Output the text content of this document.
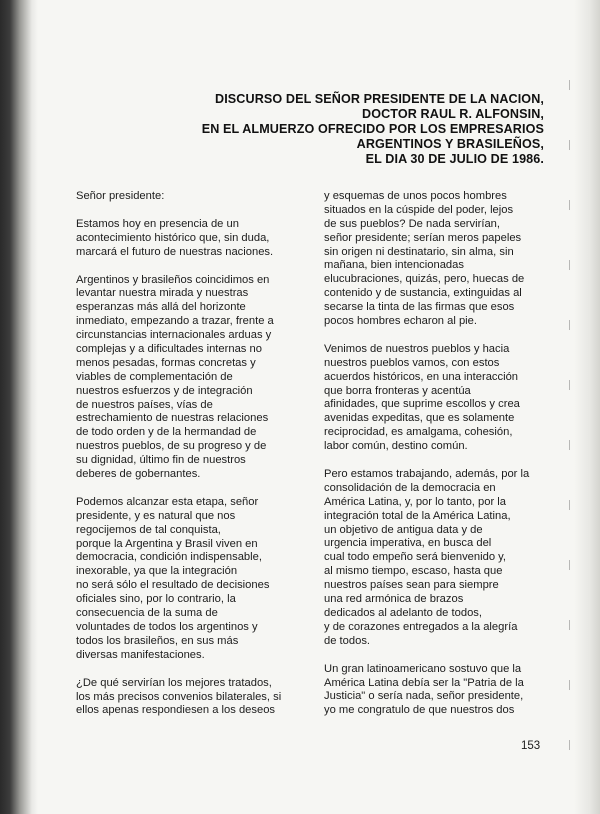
DISCURSO DEL SEÑOR PRESIDENTE DE LA NACION,
DOCTOR RAUL R. ALFONSIN,
EN EL ALMUERZO OFRECIDO POR LOS EMPRESARIOS
ARGENTINOS Y BRASILEÑOS,
EL DIA 30 DE JULIO DE 1986.
Señor presidente:
Estamos hoy en presencia de un
acontecimiento histórico que, sin duda,
marcará el futuro de nuestras naciones.
Argentinos y brasileños coincidimos en
levantar nuestra mirada y nuestras
esperanzas más allá del horizonte
inmediato, empezando a trazar, frente a
circunstancias internacionales arduas y
complejas y a dificultades internas no
menos pesadas, formas concretas y
viables de complementación de
nuestros esfuerzos y de integración
de nuestros países, vías de
estrechamiento de nuestras relaciones
de todo orden y de la hermandad de
nuestros pueblos, de su progreso y de
su dignidad, último fin de nuestros
deberes de gobernantes.
Podemos alcanzar esta etapa, señor
presidente, y es natural que nos
regocijemos de tal conquista,
porque la Argentina y Brasil viven en
democracia, condición indispensable,
inexorable, ya que la integración
no será sólo el resultado de decisiones
oficiales sino, por lo contrario, la
consecuencia de la suma de
voluntades de todos los argentinos y
todos los brasileños, en sus más
diversas manifestaciones.
¿De qué servirían los mejores tratados,
los más precisos convenios bilaterales, si
ellos apenas respondiesen a los deseos
y esquemas de unos pocos hombres
situados en la cúspide del poder, lejos
de sus pueblos? De nada servirían,
señor presidente; serían meros papeles
sin origen ni destinatario, sin alma, sin
mañana, bien intencionadas
elucubraciones, quizás, pero, huecas de
contenido y de sustancia, extinguidas al
secarse la tinta de las firmas que esos
pocos hombres echaron al pie.
Venimos de nuestros pueblos y hacia
nuestros pueblos vamos, con estos
acuerdos históricos, en una interacción
que borra fronteras y acentúa
afinidades, que suprime escollos y crea
avenidas expeditas, que es solamente
reciprocidad, es amalgama, cohesión,
labor común, destino común.
Pero estamos trabajando, además, por la
consolidación de la democracia en
América Latina, y, por lo tanto, por la
integración total de la América Latina,
un objetivo de antigua data y de
urgencia imperativa, en busca del
cual todo empeño será bienvenido y,
al mismo tiempo, escaso, hasta que
nuestros países sean para siempre
una red armónica de brazos
dedicados al adelanto de todos,
y de corazones entregados a la alegría
de todos.
Un gran latinoamericano sostuvo que la
América Latina debía ser la "Patria de la
Justicia" o sería nada, señor presidente,
yo me congratulo de que nuestros dos
153
